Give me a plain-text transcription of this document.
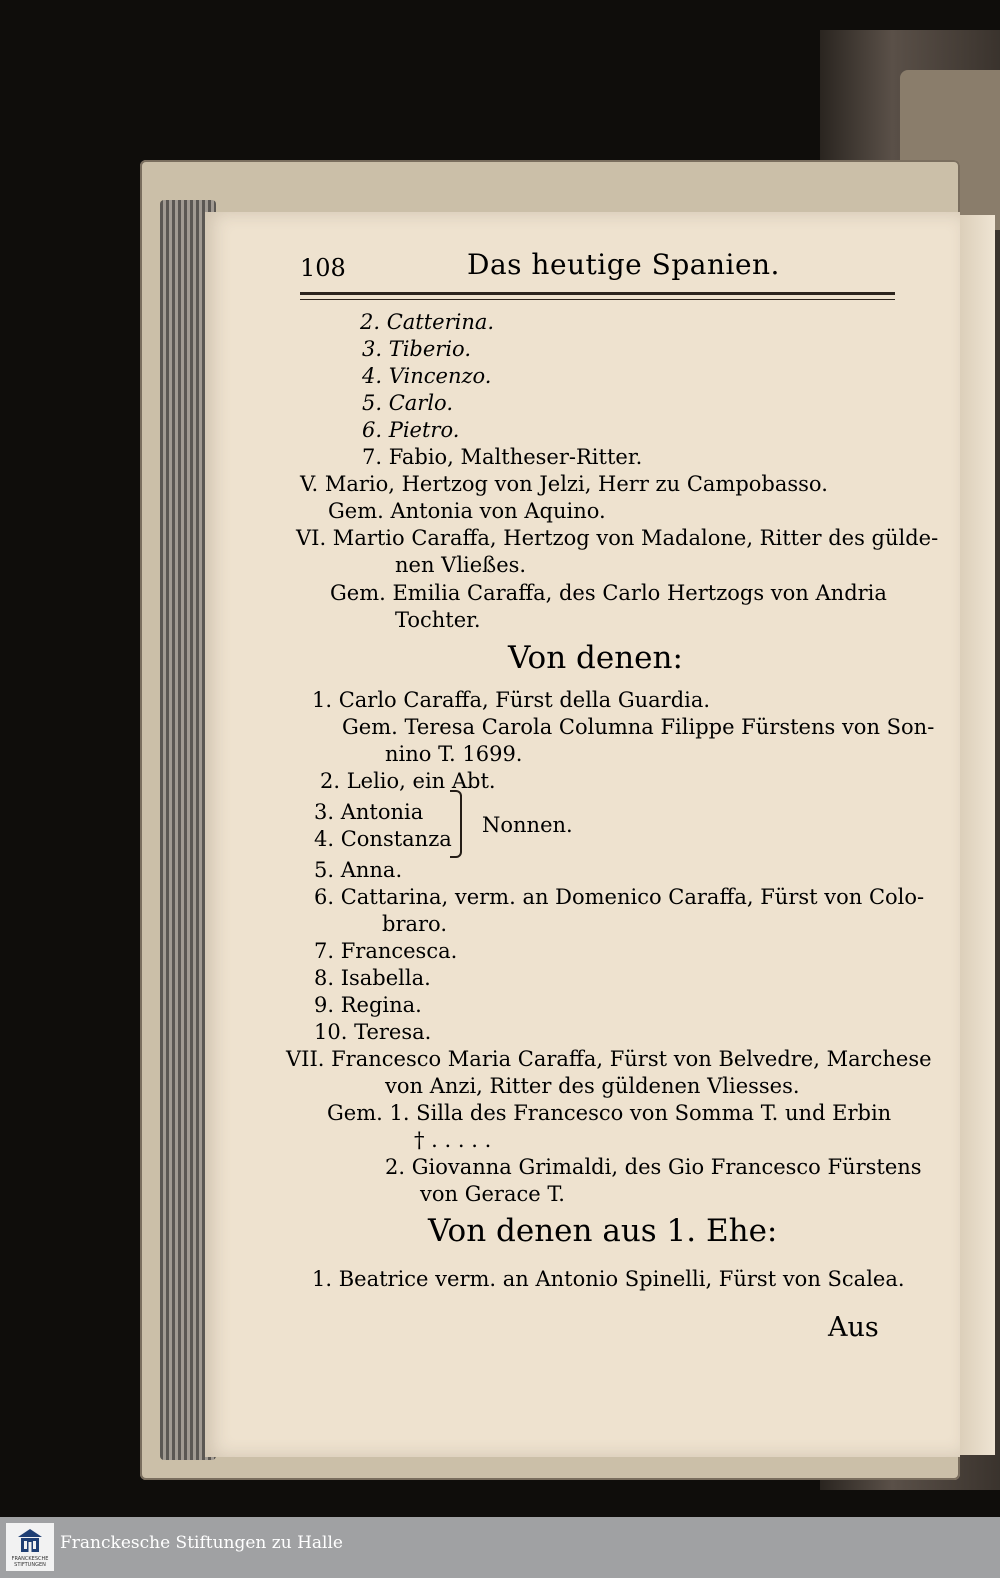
108	Das heutige Spanien.
2. Catterina.
3. Tiberio.
4. Vincenzo.
5. Carlo.
6. Pietro.
7. Fabio, Maltheser-Ritter.
V. Mario, Hertzog von Jelzi, Herr zu Campobasso.
Gem. Antonia von Aquino.
VI. Martio Caraffa, Hertzog von Madalone, Ritter des gülde-
nen Vließes.
Gem. Emilia Caraffa, des Carlo Hertzogs von Andria
Tochter.
Von denen:
1. Carlo Caraffa, Fürst della Guardia.
Gem. Teresa Carola Columna Filippe Fürstens von Son-
nino T. 1699.
2. Lelio, ein Abt.
3. Antonia
4. Constanza
Nonnen.
5. Anna.
6. Cattarina, verm. an Domenico Caraffa, Fürst von Colo-
braro.
7. Francesca.
8. Isabella.
9. Regina.
10. Teresa.
VII. Francesco Maria Caraffa, Fürst von Belvedre, Marchese
von Anzi, Ritter des güldenen Vliesses.
Gem. 1. Silla des Francesco von Somma T. und Erbin
† . . . . .
2. Giovanna Grimaldi, des Gio Francesco Fürstens
von Gerace T.
Von denen aus 1. Ehe:
1. Beatrice verm. an Antonio Spinelli, Fürst von Scalea.
Aus
FRANCKESCHE STIFTUNGEN
Franckesche Stiftungen zu Halle
